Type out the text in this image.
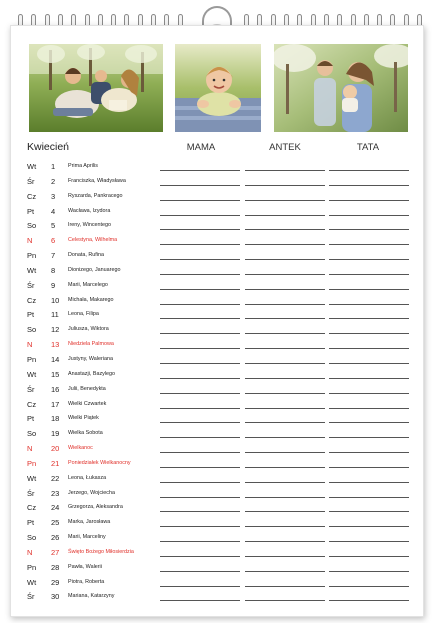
Kwiecień	MAMA	ANTEK	TATA
Wt 1 Prima Aprilis
Śr 2 Franciszka, Władysława
Cz 3 Ryszarda, Pankracego
Pt 4 Wacława, Izydora
So 5 Ireny, Wincentego
N 6 Celestyna, Wilhelma
Pn 7 Donata, Rufina
Wt 8 Dionizego, Januarego
Śr 9 Marii, Marcelego
Cz 10 Michała, Makarego
Pt 11 Leona, Filipa
So 12 Juliusza, Wiktora
N 13 Niedziela Palmowa
Pn 14 Justyny, Waleriana
Wt 15 Anastazji, Bazylego
Śr 16 Julii, Benedykta
Cz 17 Wielki Czwartek
Pt 18 Wielki Piątek
So 19 Wielka Sobota
N 20 Wielkanoc
Pn 21 Poniedziałek Wielkanocny
Wt 22 Leona, Łukasza
Śr 23 Jerzego, Wojciecha
Cz 24 Grzegorza, Aleksandra
Pt 25 Marka, Jarosława
So 26 Marii, Marceliny
N 27 Święto Bożego Miłosierdzia
Pn 28 Pawła, Walerii
Wt 29 Piotra, Roberta
Śr 30 Mariana, Katarzyny
